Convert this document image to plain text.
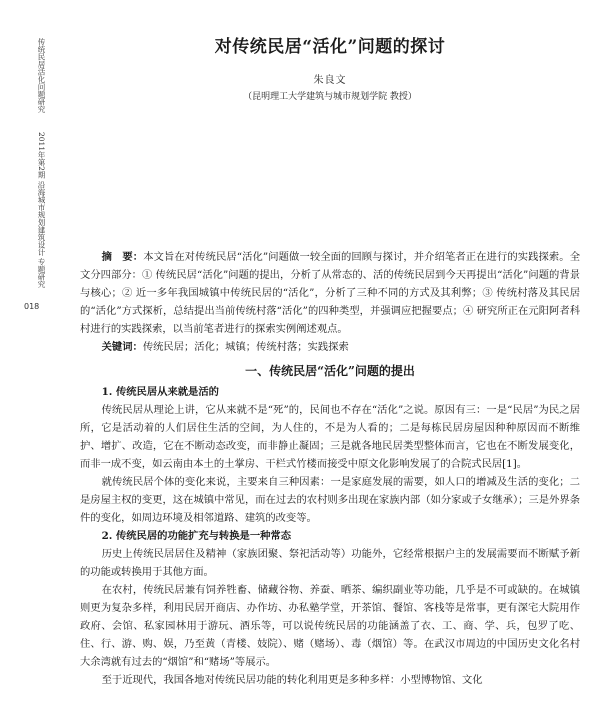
传统民居活化问题研究
2011年第2期 沿海城市规划建筑设计 专题研究
018
对传统民居“活化”问题的探讨
朱良文
（昆明理工大学建筑与城市规划学院 教授）

摘　要：本文旨在对传统民居“活化”问题做一较全面的回顾与探讨，并介绍笔者正在进行的实践探索。全文分四部分：① 传统民居“活化”问题的提出，分析了从常态的、活的传统民居到今天再提出“活化”问题的背景与核心；② 近一多年我国城镇中传统民居的“活化”，分析了三种不同的方式及其利弊；③ 传统村落及其民居的“活化”方式探析，总结提出当前传统村落“活化”的四种类型，并强调应把握要点；④ 研究所正在元阳阿者科村进行的实践探索，以当前笔者进行的探索实例阐述观点。

关键词：传统民居；活化；城镇；传统村落；实践探索

一、传统民居“活化”问题的提出

1. 传统民居从来就是活的

传统民居从理论上讲，它从来就不是“死”的，民间也不存在“活化”之说。原因有三：一是“民居”为民之居所，它是活动着的人们居住生活的空间，为人住的，不是为人看的；二是每栋民居房屋因种种原因而不断维护、增扩、改造，它在不断动态改变，而非静止凝固；三是就各地民居类型整体而言，它也在不断发展变化，而非一成不变，如云南由本土的土掌房、干栏式竹楼而接受中原文化影响发展了的合院式民居[1]。

就传统民居个体的变化来说，主要来自三种因素：一是家庭发展的需要，如人口的增减及生活的变化；二是房屋主权的变更，这在城镇中常见，而在过去的农村则多出现在家族内部（如分家或子女继承）；三是外界条件的变化，如周边环境及相邻道路、建筑的改变等。

2. 传统民居的功能扩充与转换是一种常态

历史上传统民居居住及精神（家族团聚、祭祀活动等）功能外，它经常根据户主的发展需要而不断赋予新的功能或转换用于其他方面。

在农村，传统民居兼有饲养牲畜、储藏谷物、养蚕、晒茶、编织副业等功能，几乎是不可或缺的。在城镇则更为复杂多样，利用民居开商店、办作坊、办私塾学堂，开茶馆、餐馆、客栈等是常事，更有深宅大院用作政府、会馆、私家园林用于游玩、酒乐等，可以说传统民居的功能涵盖了衣、工、商、学、兵，包罗了吃、住、行、游、购、娱，乃至黄（青楼、妓院）、赌（赌场）、毒（烟馆）等。在武汉市周边的中国历史文化名村大余湾就有过去的“烟馆”和“赌场”等展示。

至于近现代，我国各地对传统民居功能的转化利用更是多种多样：小型博物馆、文化
